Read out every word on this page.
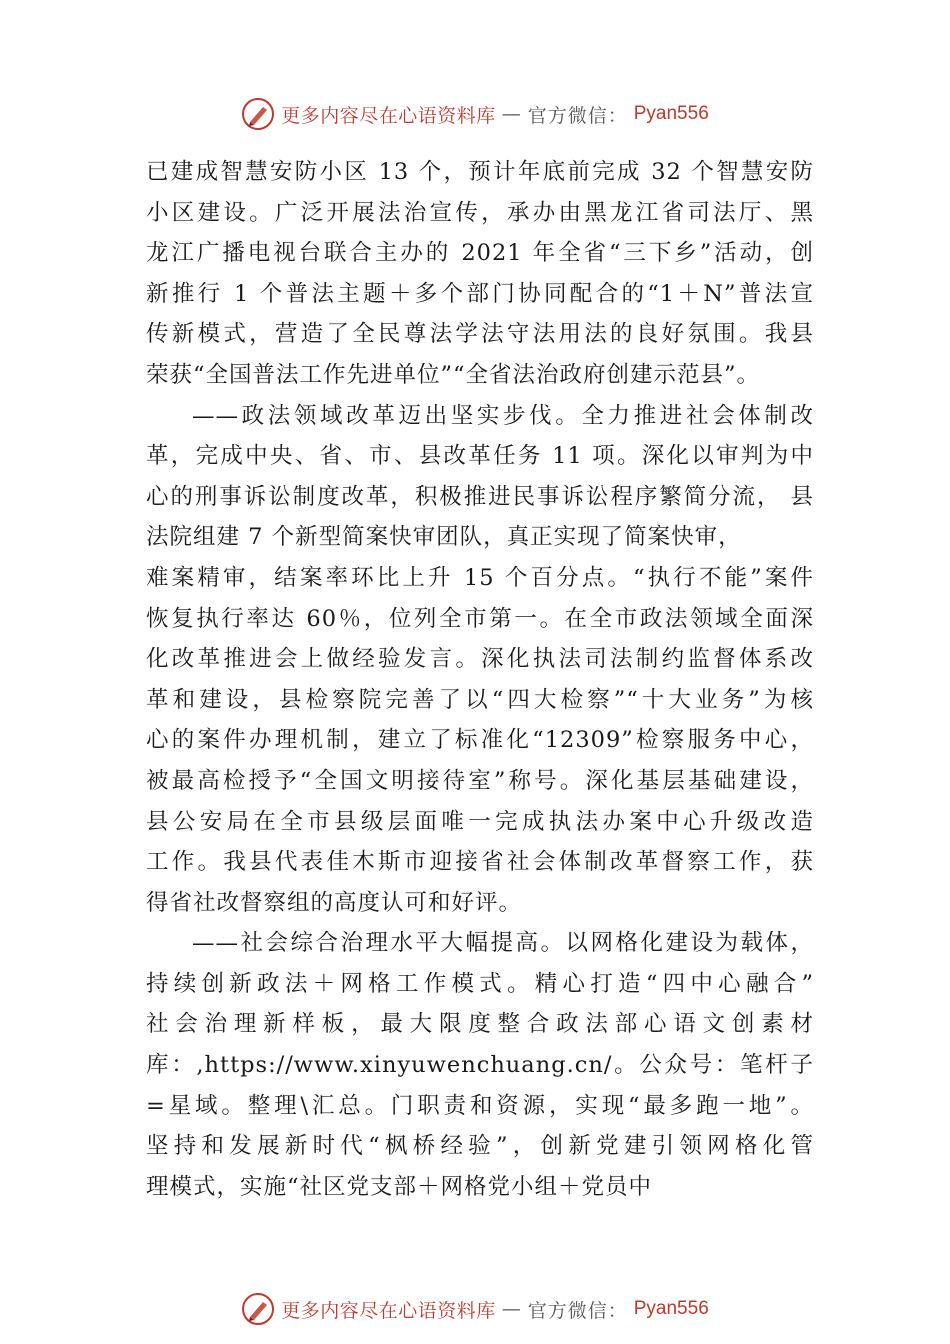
更多内容尽在心语资料库 — 官方微信： Pyan556
已建成智慧安防小区 13 个，预计年底前完成 32 个智慧安防
小区建设。广泛开展法治宣传，承办由黑龙江省司法厅、黑
龙江广播电视台联合主办的 2021 年全省“三下乡”活动，创
新推行 1 个普法主题＋多个部门协同配合的“1＋N”普法宣
传新模式，营造了全民尊法学法守法用法的良好氛围。我县
荣获“全国普法工作先进单位”“全省法治政府创建示范县”。
——政法领域改革迈出坚实步伐。全力推进社会体制改
革，完成中央、省、市、县改革任务 11 项。深化以审判为中
心的刑事诉讼制度改革，积极推进民事诉讼程序繁简分流， 县
法院组建 7 个新型简案快审团队，真正实现了简案快审，
难案精审，结案率环比上升 15 个百分点。“执行不能”案件
恢复执行率达 60％，位列全市第一。在全市政法领域全面深
化改革推进会上做经验发言。深化执法司法制约监督体系改
革和建设，县检察院完善了以“四大检察”“十大业务”为核
心的案件办理机制，建立了标准化“12309”检察服务中心，
被最高检授予“全国文明接待室”称号。深化基层基础建设，
县公安局在全市县级层面唯一完成执法办案中心升级改造
工作。我县代表佳木斯市迎接省社会体制改革督察工作，获
得省社改督察组的高度认可和好评。
——社会综合治理水平大幅提高。以网格化建设为载体，
持续创新政法＋网格工作模式。精心打造“四中心融合”
社会治理新样板，最大限度整合政法部心语文创素材
库：,https://www.xinyuwenchuang.cn/。公众号：笔杆子
=星域。整理\汇总。门职责和资源，实现“最多跑一地”。
坚持和发展新时代“枫桥经验”，创新党建引领网格化管
理模式，实施“社区党支部＋网格党小组＋党员中
更多内容尽在心语资料库 — 官方微信： Pyan556
